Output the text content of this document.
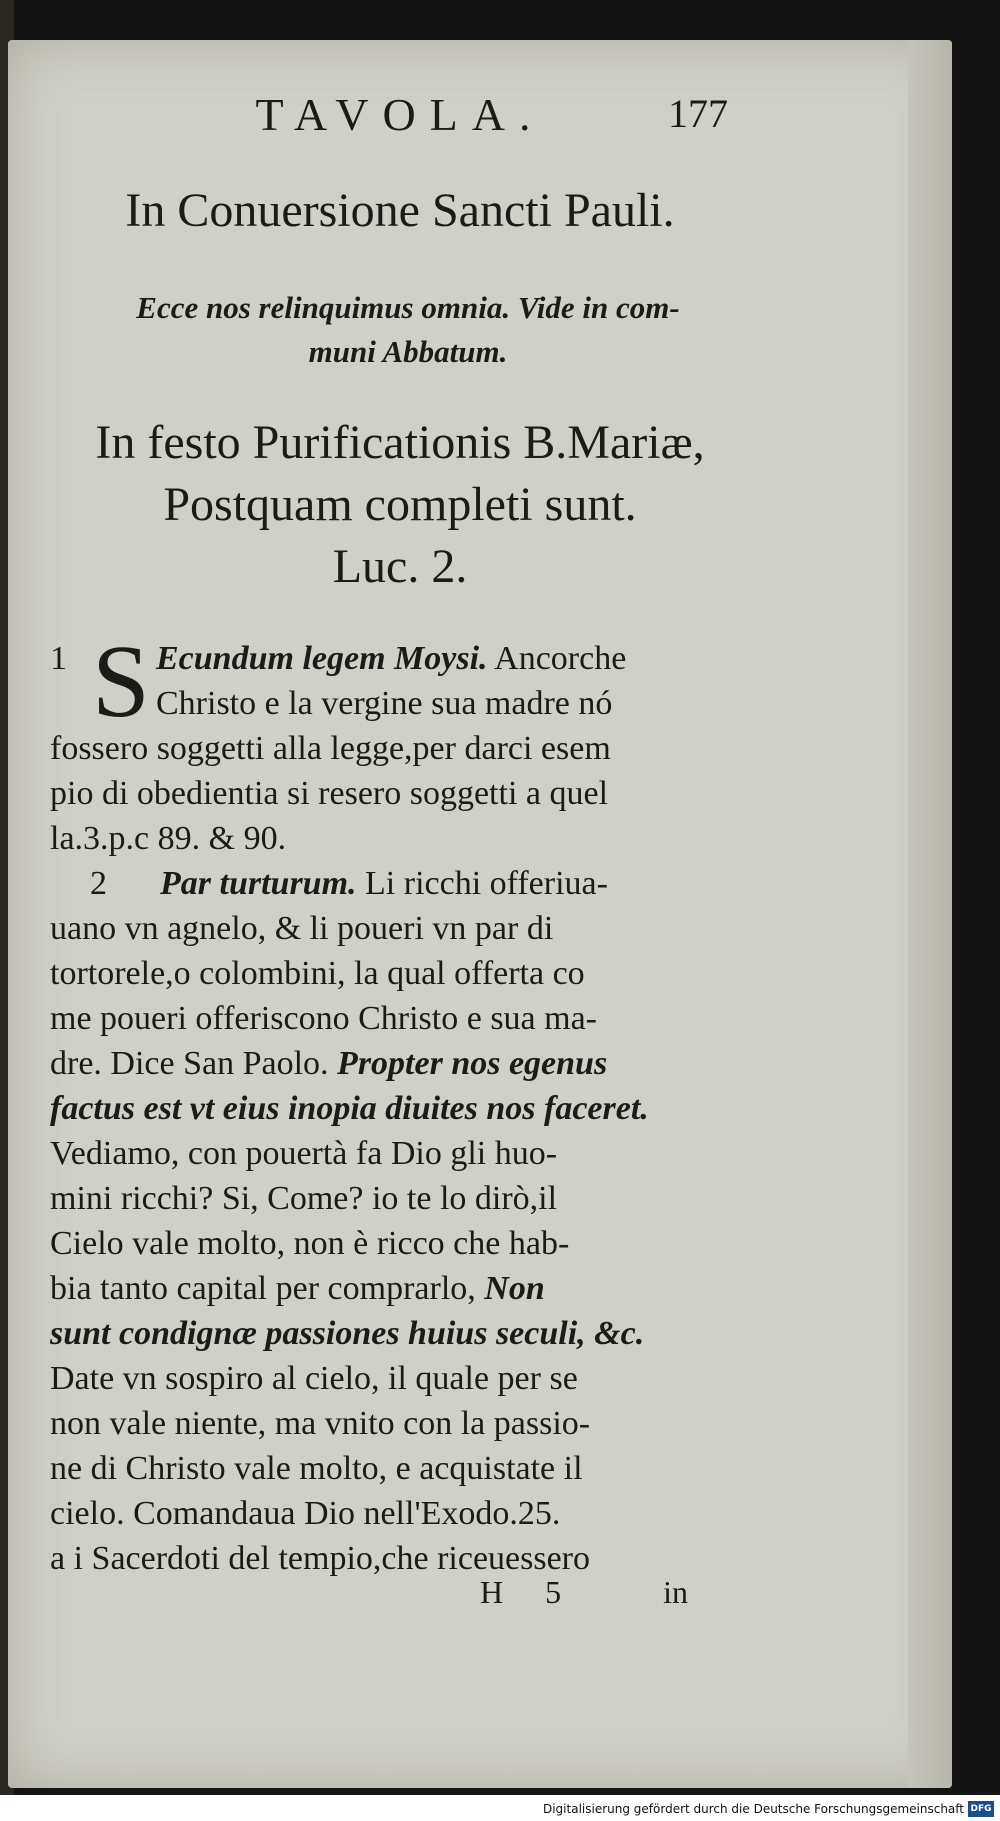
TAVOLA.	177
In Conuersione Sancti Pauli.
Ecce nos relinquimus omnia. Vide in com-
muni Abbatum.
In festo Purificationis B.Mariæ,
Postquam completi sunt.
Luc. 2.
S
1	Ecundum legem Moysi. Ancorche
Christo e la vergine sua madre nó
fossero soggetti alla legge,per darci esem
pio di obedientia si resero soggetti a quel
la.3.p.c 89. & 90.
2 Par turturum. Li ricchi offeriua-
uano vn agnelo, & li poueri vn par di
tortorele,o colombini, la qual offerta co
me poueri offeriscono Christo e sua ma-
dre. Dice San Paolo. Propter nos egenus
factus est vt eius inopia diuites nos faceret.
Vediamo, con pouertà fa Dio gli huo-
mini ricchi? Si, Come? io te lo dirò,il
Cielo vale molto, non è ricco che hab-
bia tanto capital per comprarlo, Non
sunt condignæ passiones huius seculi, &c.
Date vn sospiro al cielo, il quale per se
non vale niente, ma vnito con la passio-
ne di Christo vale molto, e acquistate il
cielo. Comandaua Dio nell'Exodo.25.
a i Sacerdoti del tempio,che riceuessero
H 5	in
Digitalisierung gefördert durch die Deutsche Forschungsgemeinschaft DFG
